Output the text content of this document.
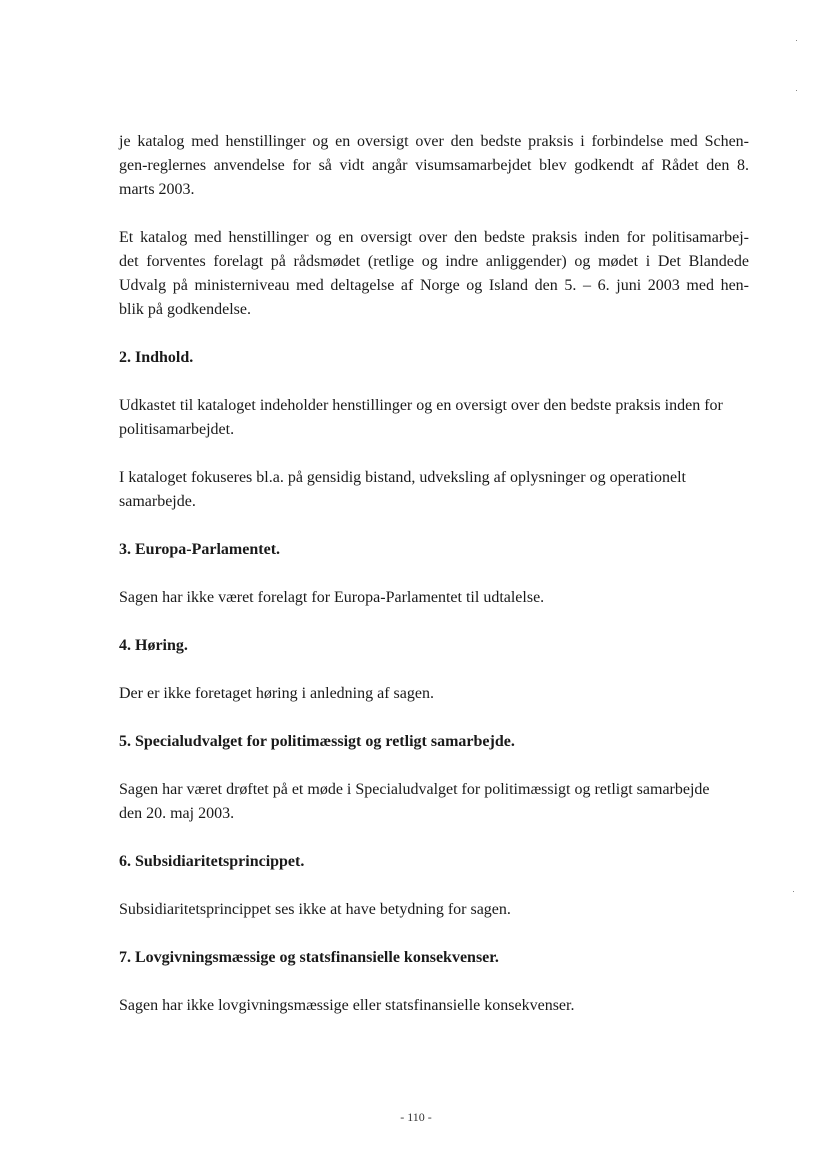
je katalog med henstillinger og en oversigt over den bedste praksis i forbindelse med Schen-
gen-reglernes anvendelse for så vidt angår visumsamarbejdet blev godkendt af Rådet den 8.
marts 2003.

Et katalog med henstillinger og en oversigt over den bedste praksis inden for politisamarbej-
det forventes forelagt på rådsmødet (retlige og indre anliggender) og mødet i Det Blandede
Udvalg på ministerniveau med deltagelse af Norge og Island den 5. – 6. juni 2003 med hen-
blik på godkendelse.

2. Indhold.

Udkastet til kataloget indeholder henstillinger og en oversigt over den bedste praksis inden for
politisamarbejdet.

I kataloget fokuseres bl.a. på gensidig bistand, udveksling af oplysninger og operationelt
samarbejde.

3. Europa-Parlamentet.

Sagen har ikke været forelagt for Europa-Parlamentet til udtalelse.

4. Høring.

Der er ikke foretaget høring i anledning af sagen.

5. Specialudvalget for politimæssigt og retligt samarbejde.

Sagen har været drøftet på et møde i Specialudvalget for politimæssigt og retligt samarbejde
den 20. maj 2003.

6. Subsidiaritetsprincippet.

Subsidiaritetsprincippet ses ikke at have betydning for sagen.

7. Lovgivningsmæssige og statsfinansielle konsekvenser.

Sagen har ikke lovgivningsmæssige eller statsfinansielle konsekvenser.

- 110 -
